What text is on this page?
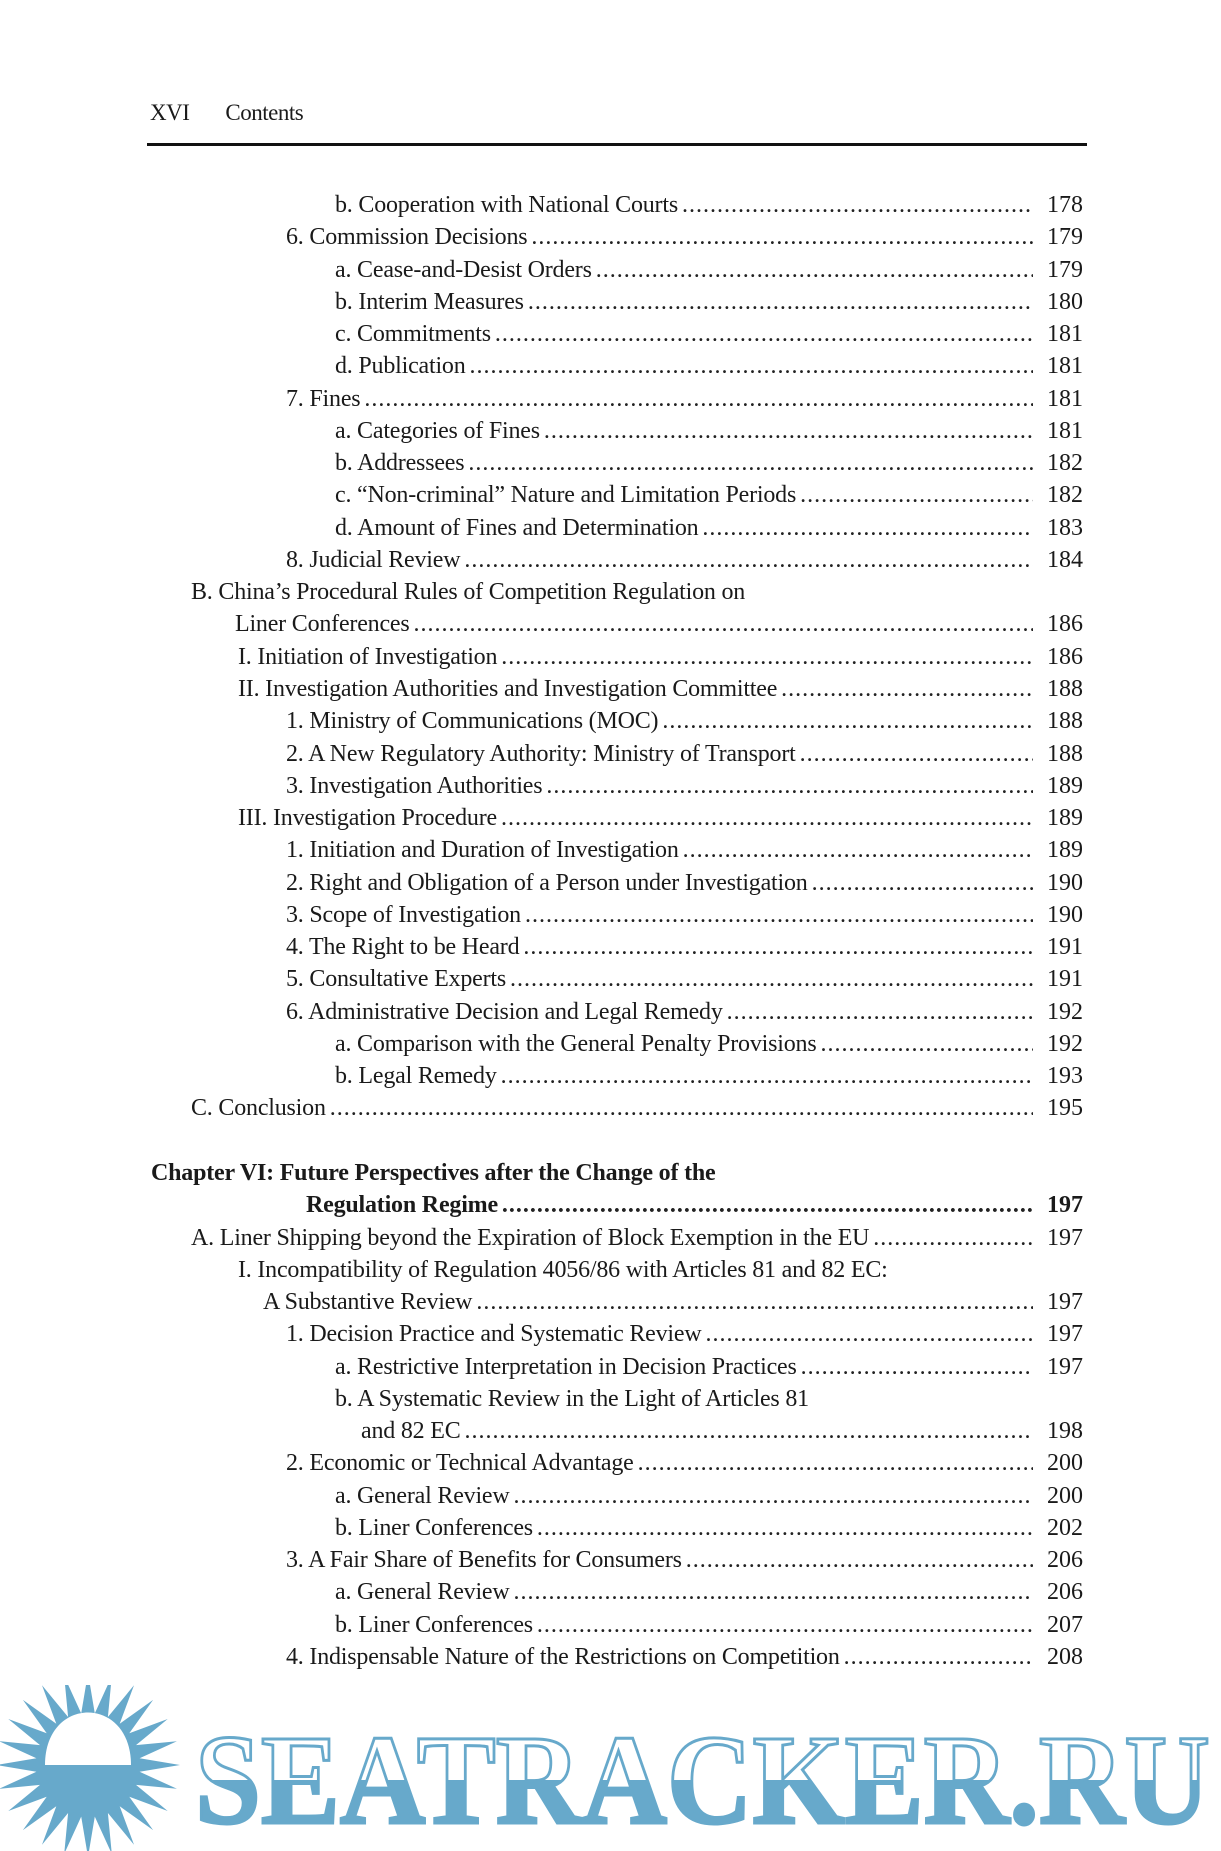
XVI Contents
b. Cooperation with National Courts .....	178
6. Commission Decisions .....	179
a. Cease-and-Desist Orders .....	179
b. Interim Measures .....	180
c. Commitments .....	181
d. Publication .....	181
7. Fines .....	181
a. Categories of Fines .....	181
b. Addressees .....	182
c. “Non-criminal” Nature and Limitation Periods .....	182
d. Amount of Fines and Determination .....	183
8. Judicial Review .....	184
B. China’s Procedural Rules of Competition Regulation on
Liner Conferences .....	186
I. Initiation of Investigation .....	186
II. Investigation Authorities and Investigation Committee .....	188
1. Ministry of Communications (MOC) .....	188
2. A New Regulatory Authority: Ministry of Transport .....	188
3. Investigation Authorities .....	189
III. Investigation Procedure .....	189
1. Initiation and Duration of Investigation .....	189
2. Right and Obligation of a Person under Investigation .....	190
3. Scope of Investigation .....	190
4. The Right to be Heard .....	191
5. Consultative Experts .....	191
6. Administrative Decision and Legal Remedy .....	192
a. Comparison with the General Penalty Provisions .....	192
b. Legal Remedy .....	193
C. Conclusion .....	195
Chapter VI: Future Perspectives after the Change of the
Regulation Regime .....	197
A. Liner Shipping beyond the Expiration of Block Exemption in the EU .....	197
I. Incompatibility of Regulation 4056/86 with Articles 81 and 82 EC:
A Substantive Review .....	197
1. Decision Practice and Systematic Review .....	197
a. Restrictive Interpretation in Decision Practices .....	197
b. A Systematic Review in the Light of Articles 81
and 82 EC .....	198
2. Economic or Technical Advantage .....	200
a. General Review .....	200
b. Liner Conferences .....	202
3. A Fair Share of Benefits for Consumers .....	206
a. General Review .....	206
b. Liner Conferences .....	207
4. Indispensable Nature of the Restrictions on Competition .....	208
SEATRACKER.RU
